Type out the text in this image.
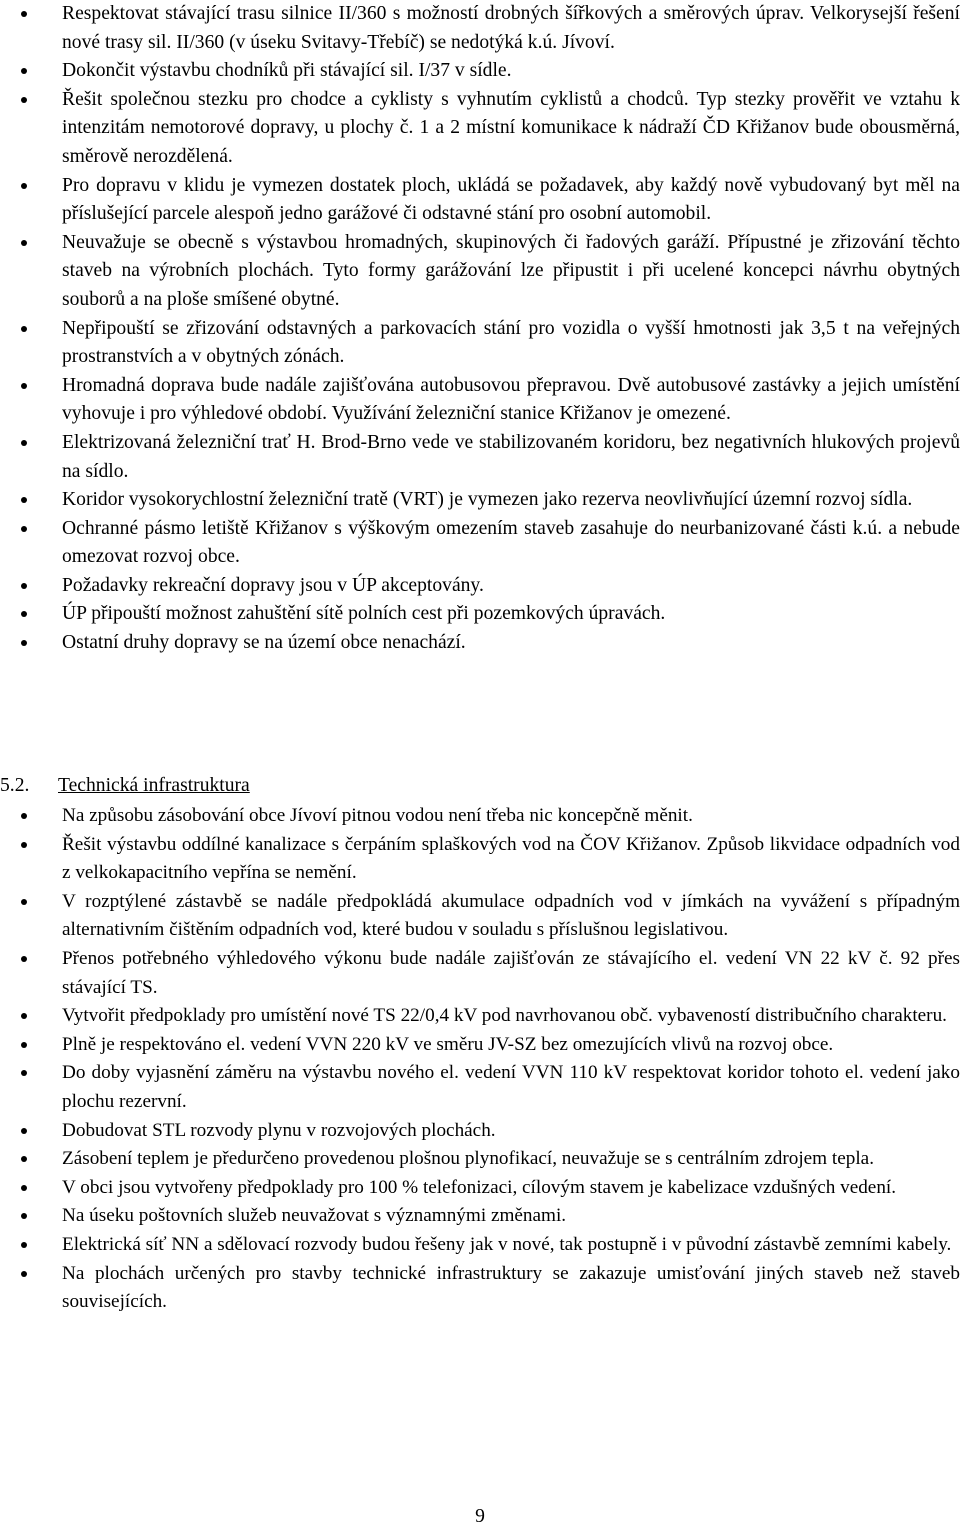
Respektovat stávající trasu silnice II/360 s možností drobných šířkových a směrových úprav. Velkorysejší řešení nové trasy sil. II/360 (v úseku Svitavy-Třebíč) se nedotýká k.ú. Jívoví.
Dokončit výstavbu chodníků při stávající sil. I/37 v sídle.
Řešit společnou stezku pro chodce a cyklisty s vyhnutím cyklistů a chodců. Typ stezky prověřit ve vztahu k intenzitám nemotorové dopravy, u plochy č. 1 a 2 místní komunikace k nádraží ČD Křižanov bude obousměrná, směrově nerozdělená.
Pro dopravu v klidu je vymezen dostatek ploch, ukládá se požadavek, aby každý nově vybudovaný byt měl na příslušející parcele alespoň jedno garážové či odstavné stání pro osobní automobil.
Neuvažuje se obecně s výstavbou hromadných, skupinových či řadových garáží. Přípustné je zřizování těchto staveb na výrobních plochách. Tyto formy garážování lze připustit i při ucelené koncepci návrhu obytných souborů a na ploše smíšené obytné.
Nepřipouští se zřizování odstavných a parkovacích stání pro vozidla o vyšší hmotnosti jak 3,5 t na veřejných prostranstvích a v obytných zónách.
Hromadná doprava bude nadále zajišťována autobusovou přepravou. Dvě autobusové zastávky a jejich umístění vyhovuje i pro výhledové období. Využívání železniční stanice Křižanov je omezené.
Elektrizovaná železniční trať H. Brod-Brno vede ve stabilizovaném koridoru, bez negativních hlukových projevů na sídlo.
Koridor vysokorychlostní železniční tratě (VRT) je vymezen jako rezerva neovlivňující územní rozvoj sídla.
Ochranné pásmo letiště Křižanov s výškovým omezením staveb zasahuje do neurbanizované části k.ú. a nebude omezovat rozvoj obce.
Požadavky rekreační dopravy jsou v ÚP akceptovány.
ÚP připouští možnost zahuštění sítě polních cest při pozemkových úpravách.
Ostatní druhy dopravy se na území obce nenachází.
5.2. Technická infrastruktura
Na způsobu zásobování obce Jívoví pitnou vodou není třeba nic koncepčně měnit.
Řešit výstavbu oddílné kanalizace s čerpáním splaškových vod na ČOV Křižanov. Způsob likvidace odpadních vod z velkokapacitního vepřína se nemění.
V rozptýlené zástavbě se nadále předpokládá akumulace odpadních vod v jímkách na vyvážení s případným alternativním čištěním odpadních vod, které budou v souladu s příslušnou legislativou.
Přenos potřebného výhledového výkonu bude nadále zajišťován ze stávajícího el. vedení VN 22 kV č. 92 přes stávající TS.
Vytvořit předpoklady pro umístění nové TS 22/0,4 kV pod navrhovanou obč. vybaveností distribučního charakteru.
Plně je respektováno el. vedení VVN 220 kV ve směru JV-SZ bez omezujících vlivů na rozvoj obce.
Do doby vyjasnění záměru na výstavbu nového el. vedení VVN 110 kV respektovat koridor tohoto el. vedení jako plochu rezervní.
Dobudovat STL rozvody plynu v rozvojových plochách.
Zásobení teplem je předurčeno provedenou plošnou plynofikací, neuvažuje se s centrálním zdrojem tepla.
V obci jsou vytvořeny předpoklady pro 100 % telefonizaci, cílovým stavem je kabelizace vzdušných vedení.
Na úseku poštovních služeb neuvažovat s významnými změnami.
Elektrická síť NN a sdělovací rozvody budou řešeny jak v nové, tak postupně i v původní zástavbě zemními kabely.
Na plochách určených pro stavby technické infrastruktury se zakazuje umisťování jiných staveb než staveb souvisejících.
9
